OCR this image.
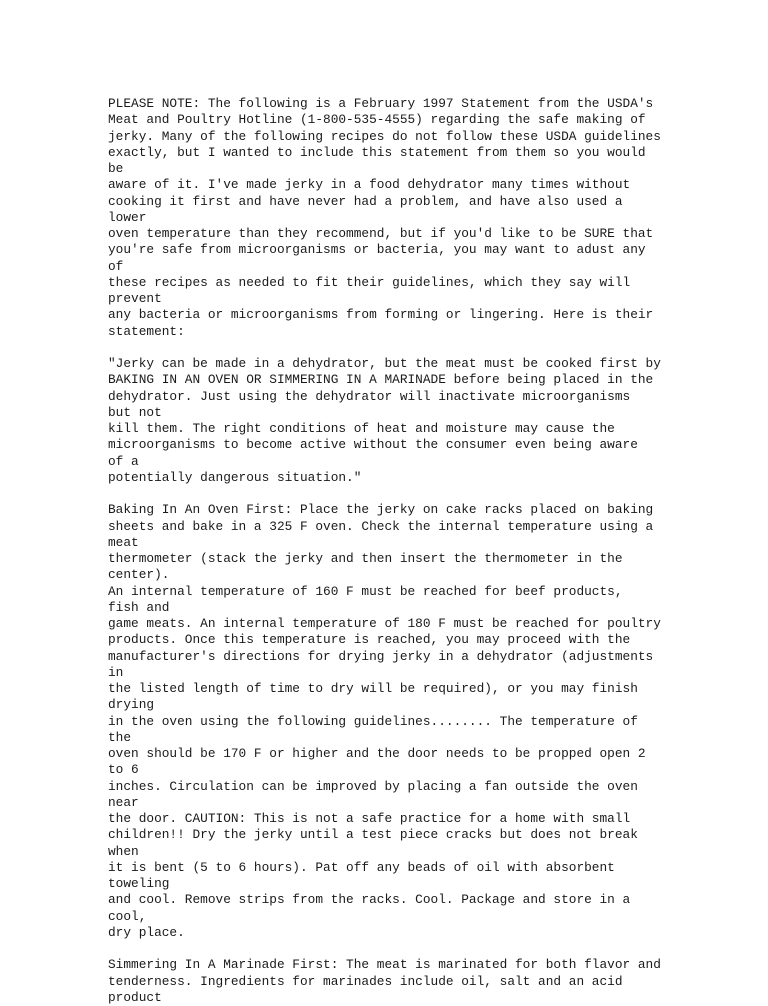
PLEASE NOTE: The following is a February 1997 Statement from the USDA's
Meat and Poultry Hotline (1-800-535-4555) regarding the safe making of
jerky. Many of the following recipes do not follow these USDA guidelines
exactly, but I wanted to include this statement from them so you would
be
aware of it. I've made jerky in a food dehydrator many times without
cooking it first and have never had a problem, and have also used a
lower
oven temperature than they recommend, but if you'd like to be SURE that
you're safe from microorganisms or bacteria, you may want to adust any
of
these recipes as needed to fit their guidelines, which they say will
prevent
any bacteria or microorganisms from forming or lingering. Here is their
statement:
"Jerky can be made in a dehydrator, but the meat must be cooked first by
BAKING IN AN OVEN OR SIMMERING IN A MARINADE before being placed in the
dehydrator. Just using the dehydrator will inactivate microorganisms
but not
kill them. The right conditions of heat and moisture may cause the
microorganisms to become active without the consumer even being aware
of a
potentially dangerous situation."
Baking In An Oven First: Place the jerky on cake racks placed on baking
sheets and bake in a 325 F oven. Check the internal temperature using a
meat
thermometer (stack the jerky and then insert the thermometer in the
center).
An internal temperature of 160 F must be reached for beef products,
fish and
game meats. An internal temperature of 180 F must be reached for poultry
products. Once this temperature is reached, you may proceed with the
manufacturer's directions for drying jerky in a dehydrator (adjustments
in
the listed length of time to dry will be required), or you may finish
drying
in the oven using the following guidelines........ The temperature of
the
oven should be 170 F or higher and the door needs to be propped open 2
to 6
inches. Circulation can be improved by placing a fan outside the oven
near
the door. CAUTION: This is not a safe practice for a home with small
children!! Dry the jerky until a test piece cracks but does not break
when
it is bent (5 to 6 hours). Pat off any beads of oil with absorbent
toweling
and cool. Remove strips from the racks. Cool. Package and store in a
cool,
dry place.
Simmering In A Marinade First: The meat is marinated for both flavor and
tenderness. Ingredients for marinades include oil, salt and an acid
product
